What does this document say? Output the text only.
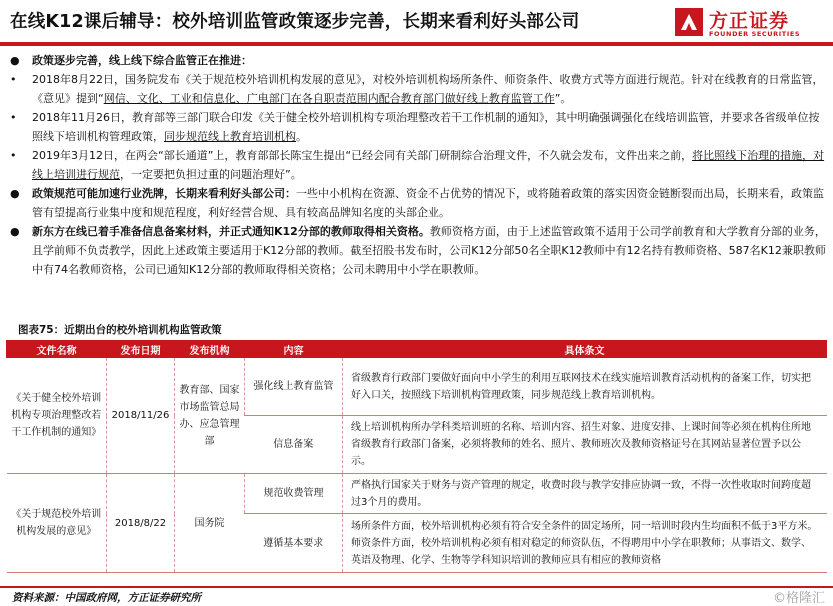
在线K12课后辅导：校外培训监管政策逐步完善，长期来看利好头部公司	方正证券
FOUNDER SECURITIES
● 政策逐步完善，线上线下综合监管正在推进：
• 2018年8月22日，国务院发布《关于规范校外培训机构发展的意见》，对校外培训机构场所条件、师资条件、收费方式等方面进行规范。针对在线教育的日常监管，《意见》提到“网信、文化、工业和信息化、广电部门在各自职责范围内配合教育部门做好线上教育监管工作”。
• 2018年11月26日，教育部等三部门联合印发《关于健全校外培训机构专项治理整改若干工作机制的通知》，其中明确强调强化在线培训监管，并要求各省级单位按照线下培训机构管理政策，同步规范线上教育培训机构。
• 2019年3月12日，在两会“部长通道”上，教育部部长陈宝生提出“已经会同有关部门研制综合治理文件，不久就会发布，文件出来之前，将比照线下治理的措施，对线上培训进行规范，一定要把负担过重的问题治理好”。
● 政策规范可能加速行业洗牌，长期来看利好头部公司：一些中小机构在资源、资金不占优势的情况下，或将随着政策的落实因资金链断裂而出局，长期来看，政策监管有望提高行业集中度和规范程度，利好经营合规、具有较高品牌知名度的头部企业。
● 新东方在线已着手准备信息备案材料，并正式通知K12分部的教师取得相关资格。教师资格方面，由于上述监管政策不适用于公司学前教育和大学教育分部的业务，且学前师不负责教学，因此上述政策主要适用于K12分部的教师。截至招股书发布时，公司K12分部50名全职K12教师中有12名持有教师资格、587名K12兼职教师中有74名教师资格，公司已通知K12分部的教师取得相关资格；公司未聘用中小学在职教师。
图表75：近期出台的校外培训机构监管政策
文件名称	发布日期	发布机构	内容	具体条文
《关于健全校外培训机构专项治理整改若干工作机制的通知》	2018/11/26	教育部、国家市场监管总局办、应急管理部	强化线上教育监管	省级教育行政部门要做好面向中小学生的利用互联网技术在线实施培训教育活动机构的备案工作，切实把好入口关，按照线下培训机构管理政策，同步规范线上教育培训机构。
			信息备案	线上培训机构所办学科类培训班的名称、培训内容、招生对象、进度安排、上课时间等必须在机构住所地省级教育行政部门备案，必须将教师的姓名、照片、教师班次及教师资格证号在其网站显著位置予以公示。
《关于规范校外培训机构发展的意见》	2018/8/22	国务院	规范收费管理	严格执行国家关于财务与资产管理的规定，收费时段与教学安排应协调一致，不得一次性收取时间跨度超过3个月的费用。
			遵循基本要求	场所条件方面，校外培训机构必须有符合安全条件的固定场所，同一培训时段内生均面积不低于3平方米。师资条件方面，校外培训机构必须有相对稳定的师资队伍，不得聘用中小学在职教师；从事语文、数学、英语及物理、化学、生物等学科知识培训的教师应具有相应的教师资格
资料来源：中国政府网，方正证券研究所	©格隆汇
